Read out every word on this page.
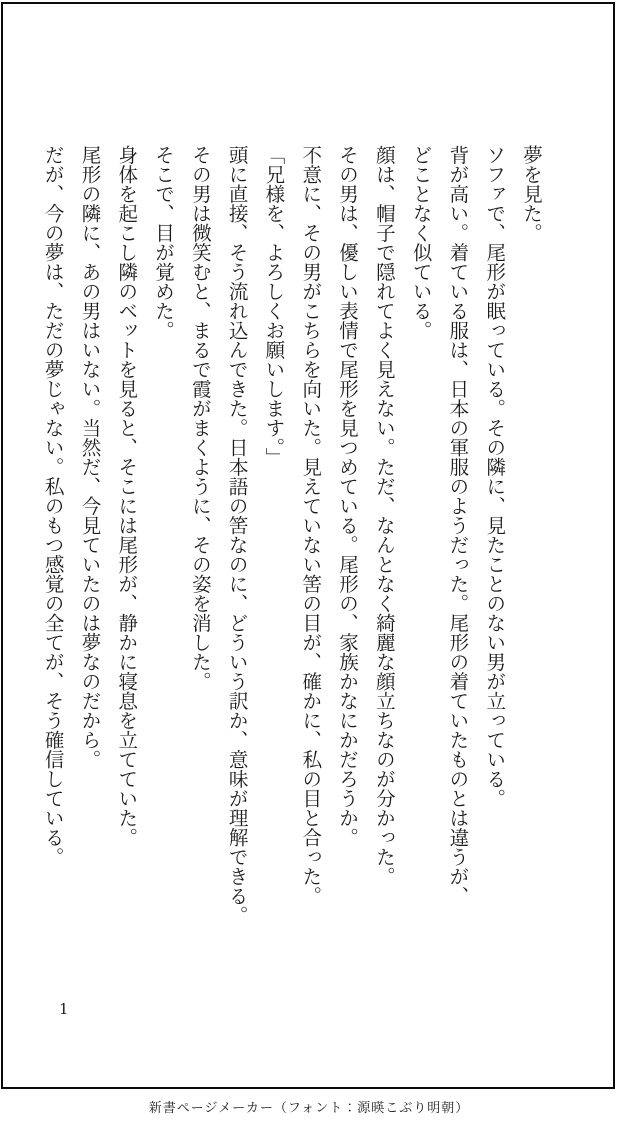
夢を見た。
ソファで、尾形が眠っている。その隣に、見たことのない男が立っている。
背が高い。着ている服は、日本の軍服のようだった。尾形の着ていたものとは違うが、
どことなく似ている。
顔は、帽子で隠れてよく見えない。ただ、なんとなく綺麗な顔立ちなのが分かった。
その男は、優しい表情で尾形を見つめている。尾形の、家族かなにかだろうか。
不意に、その男がこちらを向いた。見えていない筈の目が、確かに、私の目と合った。
「兄様を、よろしくお願いします。」
頭に直接、そう流れ込んできた。日本語の筈なのに、どういう訳か、意味が理解できる。
その男は微笑むと、まるで霞がまくように、その姿を消した。
そこで、目が覚めた。
身体を起こし隣のベットを見ると、そこには尾形が、静かに寝息を立てていた。
尾形の隣に、あの男はいない。当然だ、今見ていたのは夢なのだから。
だが、今の夢は、ただの夢じゃない。私のもつ感覚の全てが、そう確信している。
1
新書ページメーカー（フォント：源暎こぶり明朝）
